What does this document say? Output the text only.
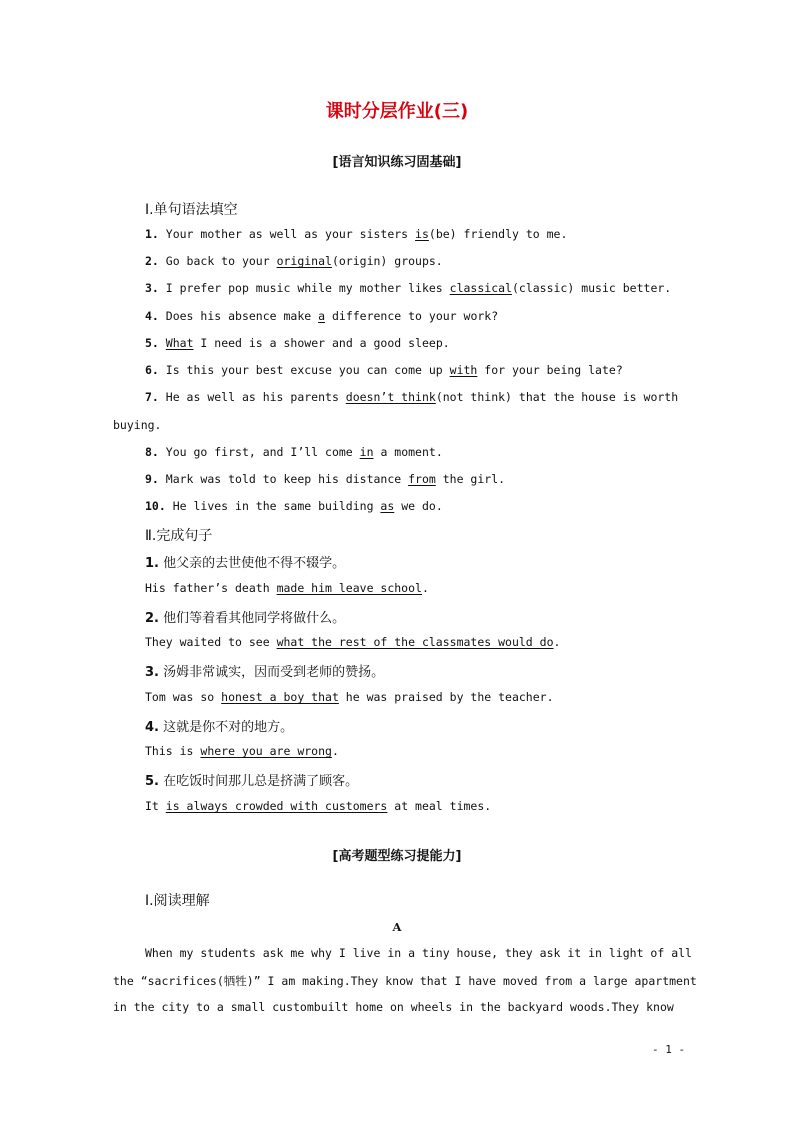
课时分层作业(三)
[语言知识练习固基础]
Ⅰ.单句语法填空
1. Your mother as well as your sisters is(be) friendly to me.
2. Go back to your original(origin) groups.
3. I prefer pop music while my mother likes classical(classic) music better.
4. Does his absence make a difference to your work?
5. What I need is a shower and a good sleep.
6. Is this your best excuse you can come up with for your being late?
7. He as well as his parents doesn’t think(not think) that the house is worth
buying.
8. You go first, and I’ll come in a moment.
9. Mark was told to keep his distance from the girl.
10. He lives in the same building as we do.
Ⅱ.完成句子
1. 他父亲的去世使他不得不辍学。
His father’s death made him leave school.
2. 他们等着看其他同学将做什么。
They waited to see what the rest of the classmates would do.
3. 汤姆非常诚实，因而受到老师的赞扬。
Tom was so honest a boy that he was praised by the teacher.
4. 这就是你不对的地方。
This is where you are wrong.
5. 在吃饭时间那儿总是挤满了顾客。
It is always crowded with customers at meal times.
[高考题型练习提能力]
Ⅰ.阅读理解
A
When my students ask me why I live in a tiny house, they ask it in light of all
the “sacrifices(牺牲)” I am making.They know that I have moved from a large apartment
in the city to a small custombuilt home on wheels in the backyard woods.They know
- 1 -
